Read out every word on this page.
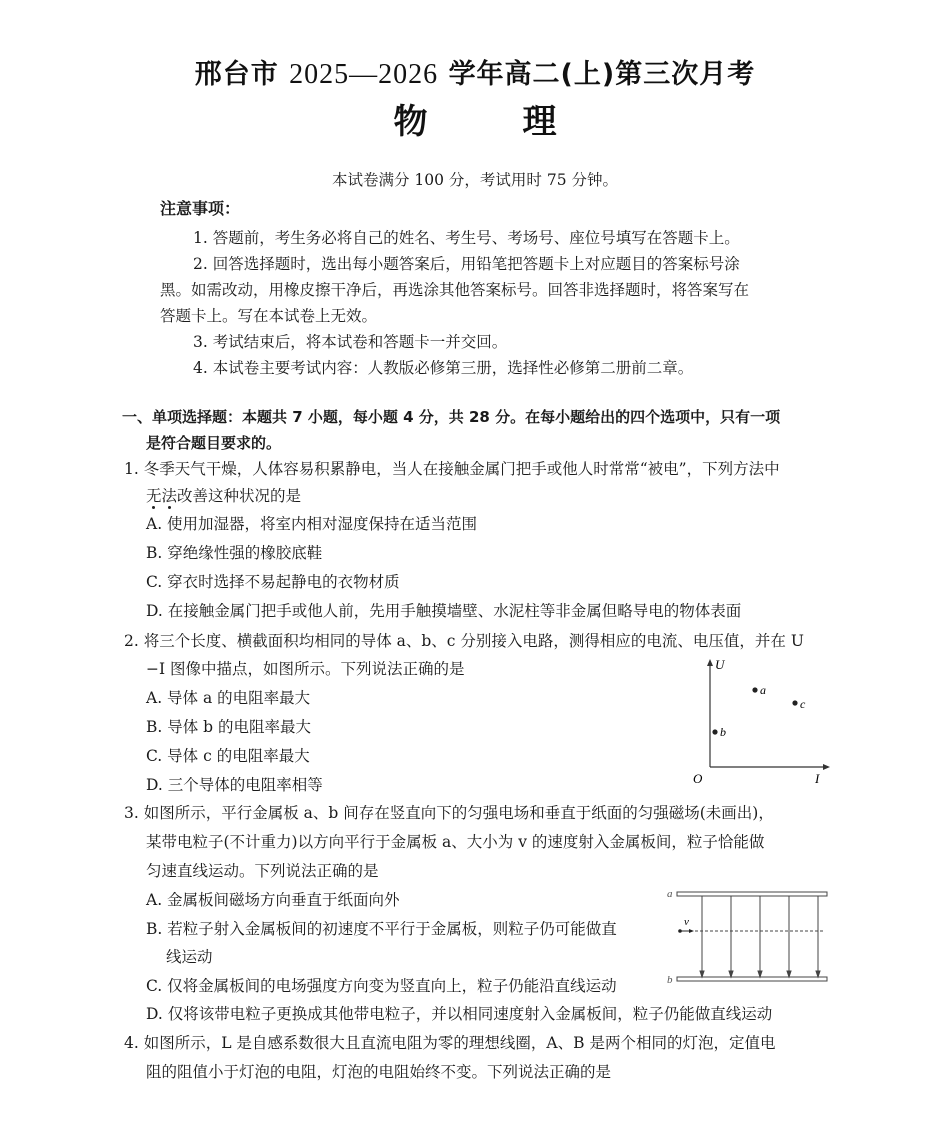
邢台市 2025—2026 学年高二(上)第三次月考
物	理
本试卷满分 100 分，考试用时 75 分钟。
注意事项：
1. 答题前，考生务必将自己的姓名、考生号、考场号、座位号填写在答题卡上。
2. 回答选择题时，选出每小题答案后，用铅笔把答题卡上对应题目的答案标号涂
黑。如需改动，用橡皮擦干净后，再选涂其他答案标号。回答非选择题时，将答案写在
答题卡上。写在本试卷上无效。
3. 考试结束后，将本试卷和答题卡一并交回。
4. 本试卷主要考试内容：人教版必修第三册，选择性必修第二册前二章。
一、单项选择题：本题共 7 小题，每小题 4 分，共 28 分。在每小题给出的四个选项中，只有一项
是符合题目要求的。
1. 冬季天气干燥，人体容易积累静电，当人在接触金属门把手或他人时常常“被电”，下列方法中
无法改善这种状况的是
A. 使用加湿器，将室内相对湿度保持在适当范围
B. 穿绝缘性强的橡胶底鞋
C. 穿衣时选择不易起静电的衣物材质
D. 在接触金属门把手或他人前，先用手触摸墙壁、水泥柱等非金属但略导电的物体表面
2. 将三个长度、横截面积均相同的导体 a、b、c 分别接入电路，测得相应的电流、电压值，并在 U
−I 图像中描点，如图所示。下列说法正确的是
A. 导体 a 的电阻率最大
B. 导体 b 的电阻率最大
C. 导体 c 的电阻率最大
D. 三个导体的电阻率相等
U
I
O
a
b
c
3. 如图所示，平行金属板 a、b 间存在竖直向下的匀强电场和垂直于纸面的匀强磁场(未画出)，
某带电粒子(不计重力)以方向平行于金属板 a、大小为 v 的速度射入金属板间，粒子恰能做
匀速直线运动。下列说法正确的是
A. 金属板间磁场方向垂直于纸面向外
B. 若粒子射入金属板间的初速度不平行于金属板，则粒子仍可能做直
线运动
C. 仅将金属板间的电场强度方向变为竖直向上，粒子仍能沿直线运动
D. 仅将该带电粒子更换成其他带电粒子，并以相同速度射入金属板间，粒子仍能做直线运动
a
b
v
4. 如图所示，L 是自感系数很大且直流电阻为零的理想线圈，A、B 是两个相同的灯泡，定值电
阻的阻值小于灯泡的电阻，灯泡的电阻始终不变。下列说法正确的是
